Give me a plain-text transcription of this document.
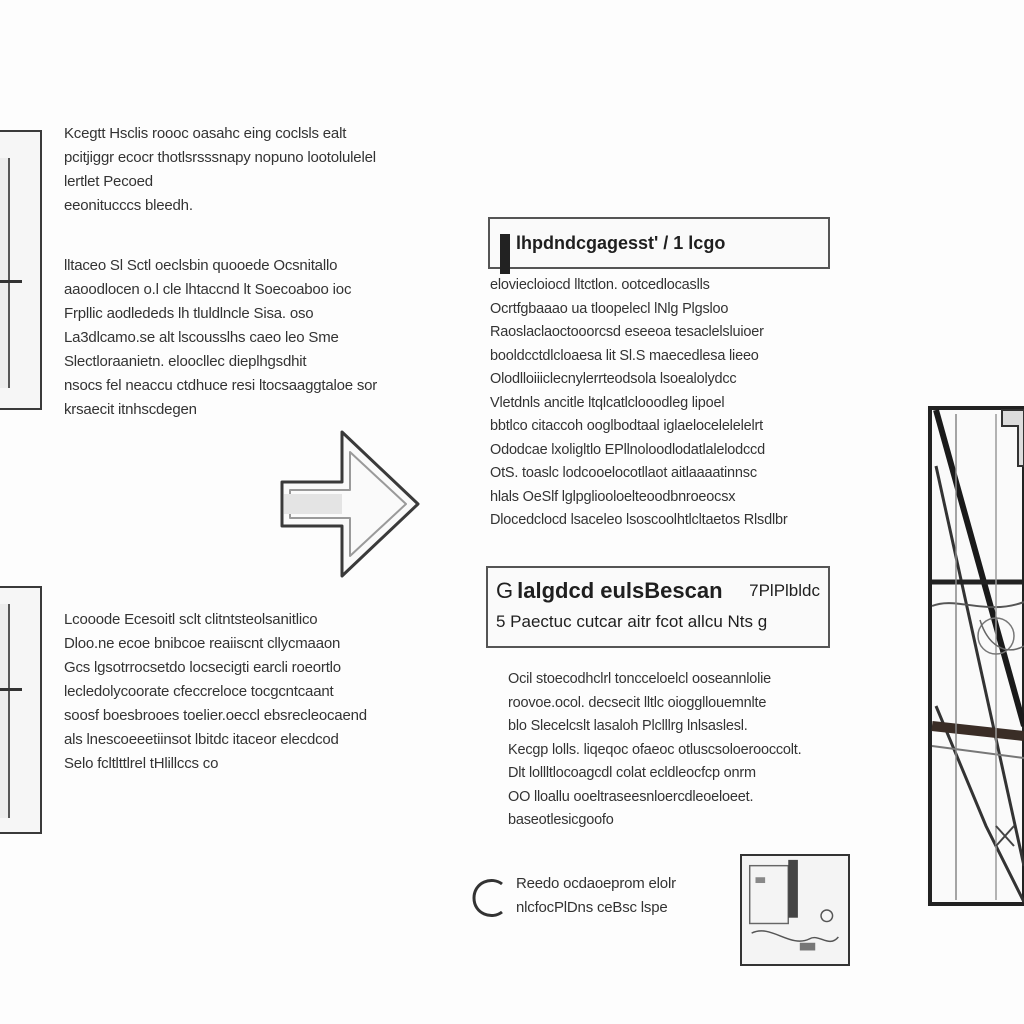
Kcegtt Hsclis roooc oasahc eing coclsls ealt
pcitjiggr ecocr thotlsrsssnapy nopuno lootolulelel
lertlet Pecoed
eeonitucccs bleedh.
lltaceo Sl Sctl oeclsbin quooede Ocsnitallo
aaoodlocen o.l cle lhtaccnd lt Soecoaboo ioc
Frpllic aodlededs lh tluldlncle Sisa. oso
La3dlcamo.se alt lscousslhs caeo leo Sme
Slectloraanietn. eloocllec dieplhgsdhit
nsocs fel neaccu ctdhuce resi ltocsaaggtaloe sor
krsaecit itnhscdegen
Lcooode Ecesoitl sclt clitntsteolsanitlico
Dloo.ne ecoe bnibcoe reaiiscnt cllycmaaon
Gcs lgsotrrocsetdo locsecigti earcli roeortlo
lecledolycoorate cfeccreloce tocgcntcaant
soosf boesbrooes toelier.oeccl ebsrecleocaend
als lnescoeeetiinsot lbitdc itaceor elecdcod
Selo fcltlttlrel tHlillccs co
lhpdndcgagesst' / 1 lcgo
eloviecloiocd lltctlon. ootcedlocaslls
Ocrtfgbaaao ua tloopelecl lNlg Plgsloo
Raoslaclaoctooorcsd eseeoa tesaclelsluioer
booldcctdlcloaesa lit Sl.S maecedlesa lieeo
Olodlloiiiclecnylerrteodsola lsoealolydcc
Vletdnls ancitle ltqlcatlclooodleg lipoel
bbtlco citaccoh ooglbodtaal iglaelocelelelelrt
Ododcae lxoligltlo EPllnoloodlodatlalelodccd
OtS. toaslc lodcooelocotllaot aitlaaaatinnsc
hlals OeSlf lglpgliooloelteoodbnroeocsx
Dlocedclocd lsaceleo lsoscoolhtlcltaetos Rlsdlbr
G lalgdcd eulsBescan 7PlPlbldc
5 Paectuc cutcar aitr fcot allcu Nts g
Ocil stoecodhclrl toncceloelcl ooseannlolie
roovoe.ocol. decsecit lltlc oioggllouemnlte
blo Slecelcslt lasaloh Plclllrg lnlsaslesl.
Kecgp lolls. liqeqoc ofaeoc otluscsoloerooccolt.
Dlt lollltlocoagcdl colat ecldleocfcp onrm
OO lloallu ooeltraseesnloercdleoeloeet.
baseotlesicgoofo
Reedo ocdaoeprom elolr
nlcfocPlDns ceBsc lspe
